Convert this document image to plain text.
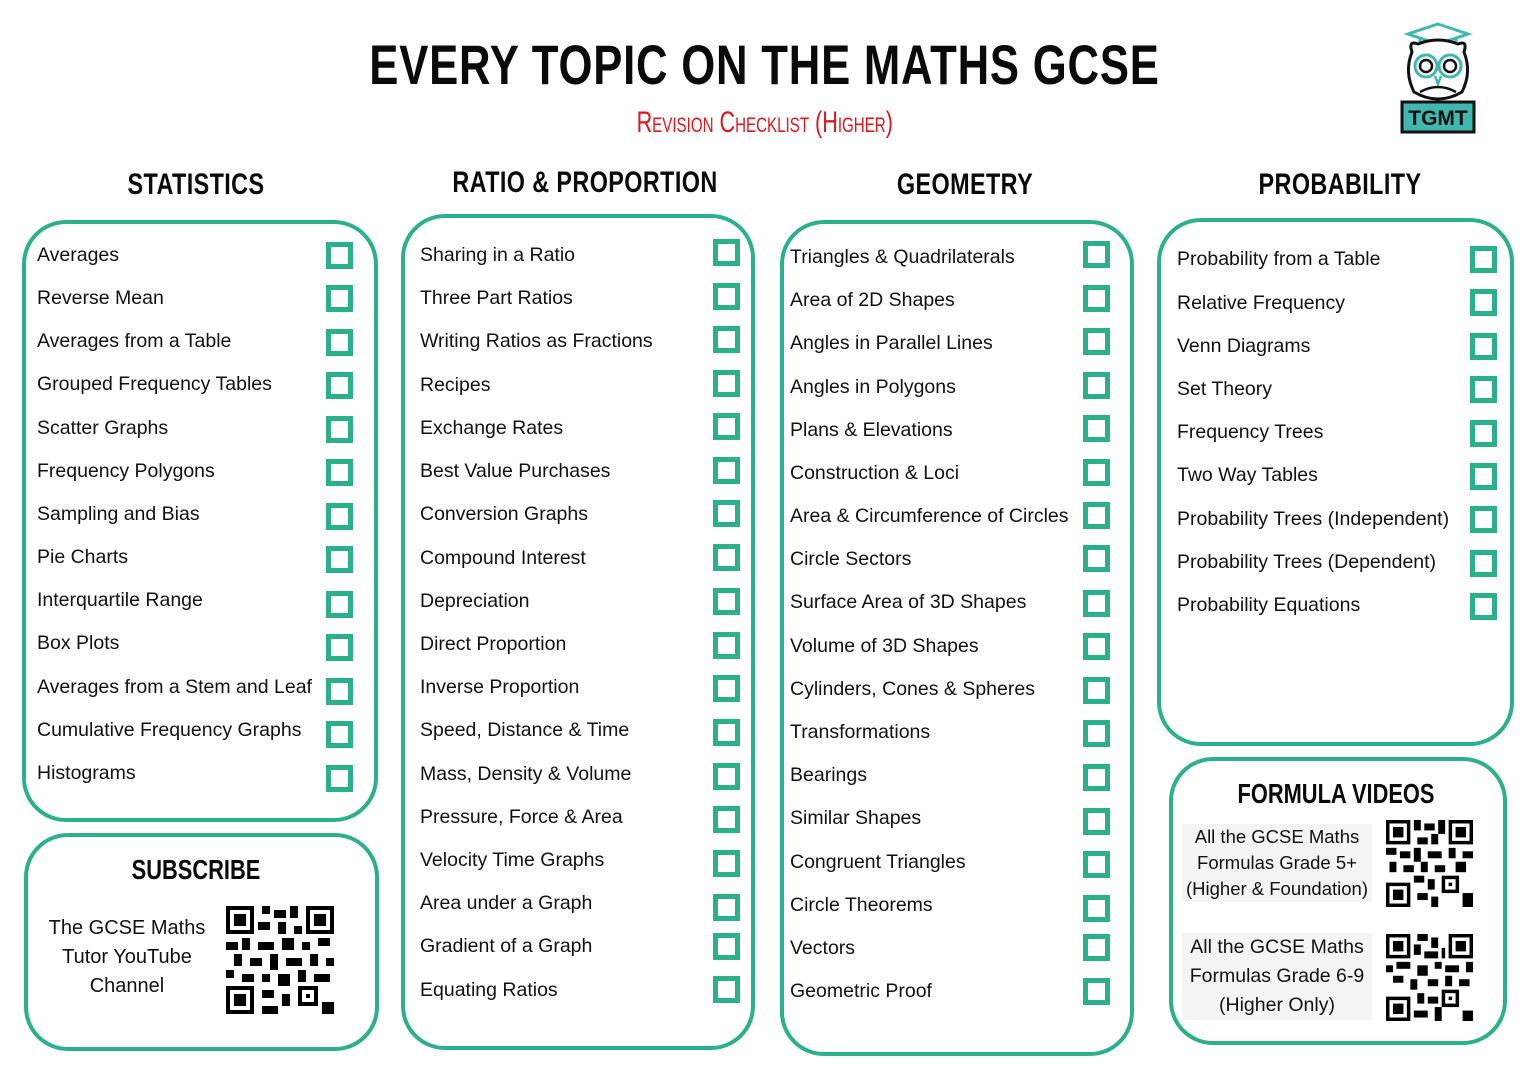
EVERY TOPIC ON THE MATHS GCSE
Revision Checklist (Higher)	TGMT
STATISTICS	RATIO & PROPORTION	GEOMETRY	PROBABILITY
Averages
Reverse Mean
Averages from a Table
Grouped Frequency Tables
Scatter Graphs
Frequency Polygons
Sampling and Bias
Pie Charts
Interquartile Range
Box Plots
Averages from a Stem and Leaf
Cumulative Frequency Graphs
Histograms
Sharing in a Ratio
Three Part Ratios
Writing Ratios as Fractions
Recipes
Exchange Rates
Best Value Purchases
Conversion Graphs
Compound Interest
Depreciation
Direct Proportion
Inverse Proportion
Speed, Distance & Time
Mass, Density & Volume
Pressure, Force & Area
Velocity Time Graphs
Area under a Graph
Gradient of a Graph
Equating Ratios
Triangles & Quadrilaterals
Area of 2D Shapes
Angles in Parallel Lines
Angles in Polygons
Plans & Elevations
Construction & Loci
Area & Circumference of Circles
Circle Sectors
Surface Area of 3D Shapes
Volume of 3D Shapes
Cylinders, Cones & Spheres
Transformations
Bearings
Similar Shapes
Congruent Triangles
Circle Theorems
Vectors
Geometric Proof
Probability from a Table
Relative Frequency
Venn Diagrams
Set Theory
Frequency Trees
Two Way Tables
Probability Trees (Independent)
Probability Trees (Dependent)
Probability Equations
SUBSCRIBE
The GCSE Maths
Tutor YouTube
Channel
FORMULA VIDEOS
All the GCSE Maths
Formulas Grade 5+
(Higher & Foundation)
All the GCSE Maths
Formulas Grade 6-9
(Higher Only)
